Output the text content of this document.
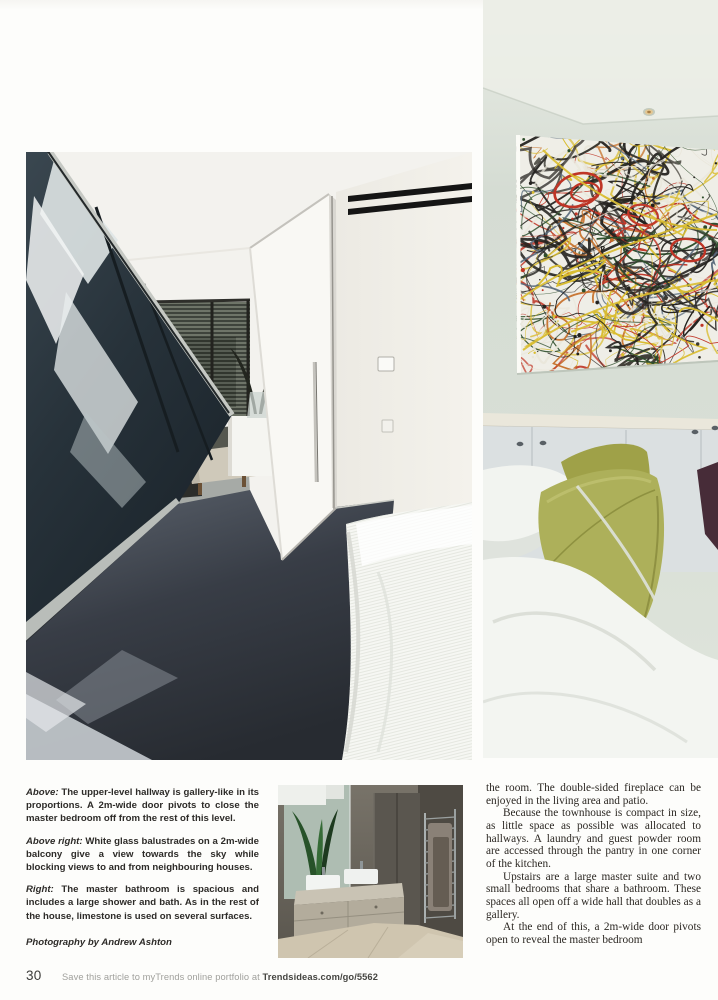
Above: The upper-level hallway is gallery-like in its proportions. A 2m-wide door pivots to close the master bedroom off from the rest of this level.

Above right: White glass balustrades on a 2m-wide balcony give a view towards the sky while blocking views to and from neighbouring houses.

Right: The master bathroom is spacious and includes a large shower and bath. As in the rest of the house, limestone is used on several surfaces.

Photography by Andrew Ashton

the room. The double-sided fireplace can be enjoyed in the living area and patio.

Because the townhouse is compact in size, as little space as possible was allocated to hallways. A laundry and guest powder room are accessed through the pantry in one corner of the kitchen.

Upstairs are a large master suite and two small bedrooms that share a bathroom. These spaces all open off a wide hall that doubles as a gallery.

At the end of this, a 2m-wide door pivots open to reveal the master bedroom

30 Save this article to myTrends online portfolio at Trendsideas.com/go/5562
